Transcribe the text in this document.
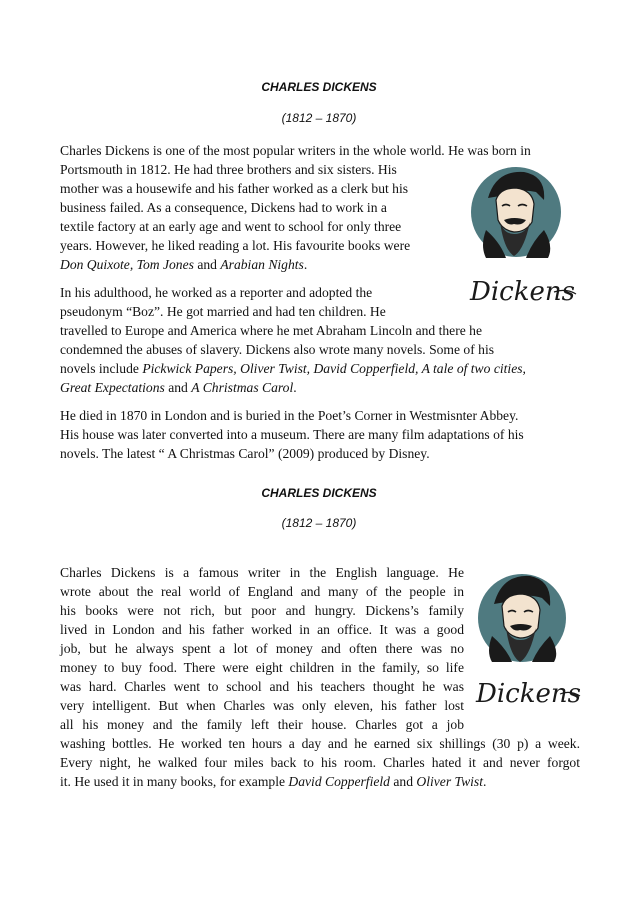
CHARLES DICKENS
(1812 – 1870)
Charles Dickens is one of the most popular writers in the whole world. He was born in
Portsmouth in 1812. He had three brothers and six sisters. His
mother was a housewife and his father worked as a clerk but his
business failed. As a consequence, Dickens had to work in a
textile factory at an early age and went to school for only three
years. However, he liked reading a lot. His favourite books were
Don Quixote, Tom Jones and Arabian Nights.
In his adulthood, he worked as a reporter and adopted the
pseudonym “Boz”. He got married and had ten children. He
travelled to Europe and America where he met Abraham Lincoln and there he
condemned the abuses of slavery. Dickens also wrote many novels. Some of his
novels include Pickwick Papers, Oliver Twist, David Copperfield, A tale of two cities,
Great Expectations and A Christmas Carol.
He died in 1870 in London and is buried in the Poet’s Corner in Westmisnter Abbey.
His house was later converted into a museum. There are many film adaptations of his
novels. The latest “ A Christmas Carol” (2009) produced by Disney.
Dickens
CHARLES DICKENS
(1812 – 1870)
Charles Dickens is a famous writer in the English language. He
wrote about the real world of England and many of the people in
his books were not rich, but poor and hungry. Dickens’s family
lived in London and his father worked in an office. It was a good
job, but he always spent a lot of money and often there was no
money to buy food. There were eight children in the family, so life
was hard. Charles went to school and his teachers thought he was
very intelligent. But when Charles was only eleven, his father lost
all his money and the family left their house. Charles got a job
washing bottles. He worked ten hours a day and he earned six shillings (30 p) a week.
Every night, he walked four miles back to his room. Charles hated it and never forgot
it. He used it in many books, for example David Copperfield and Oliver Twist.
Dickens
